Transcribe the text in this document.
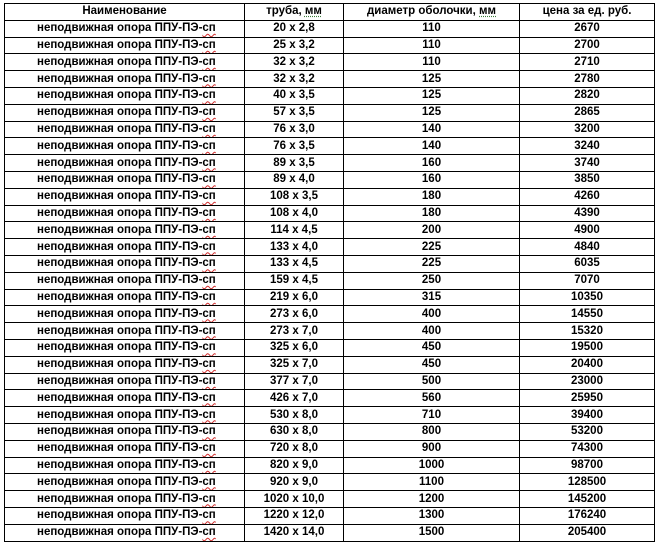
Наименование	труба, мм	диаметр оболочки, мм	цена за ед. руб.
неподвижная опора ППУ-ПЭ-сп	20 х 2,8	110	2670
неподвижная опора ППУ-ПЭ-сп	25 х 3,2	110	2700
неподвижная опора ППУ-ПЭ-сп	32 х 3,2	110	2710
неподвижная опора ППУ-ПЭ-сп	32 х 3,2	125	2780
неподвижная опора ППУ-ПЭ-сп	40 х 3,5	125	2820
неподвижная опора ППУ-ПЭ-сп	57 х 3,5	125	2865
неподвижная опора ППУ-ПЭ-сп	76 х 3,0	140	3200
неподвижная опора ППУ-ПЭ-сп	76 х 3,5	140	3240
неподвижная опора ППУ-ПЭ-сп	89 х 3,5	160	3740
неподвижная опора ППУ-ПЭ-сп	89 х 4,0	160	3850
неподвижная опора ППУ-ПЭ-сп	108 х 3,5	180	4260
неподвижная опора ППУ-ПЭ-сп	108 х 4,0	180	4390
неподвижная опора ППУ-ПЭ-сп	114 х 4,5	200	4900
неподвижная опора ППУ-ПЭ-сп	133 х 4,0	225	4840
неподвижная опора ППУ-ПЭ-сп	133 х 4,5	225	6035
неподвижная опора ППУ-ПЭ-сп	159 х 4,5	250	7070
неподвижная опора ППУ-ПЭ-сп	219 х 6,0	315	10350
неподвижная опора ППУ-ПЭ-сп	273 х 6,0	400	14550
неподвижная опора ППУ-ПЭ-сп	273 х 7,0	400	15320
неподвижная опора ППУ-ПЭ-сп	325 х 6,0	450	19500
неподвижная опора ППУ-ПЭ-сп	325 х 7,0	450	20400
неподвижная опора ППУ-ПЭ-сп	377 х 7,0	500	23000
неподвижная опора ППУ-ПЭ-сп	426 х 7,0	560	25950
неподвижная опора ППУ-ПЭ-сп	530 х 8,0	710	39400
неподвижная опора ППУ-ПЭ-сп	630 х 8,0	800	53200
неподвижная опора ППУ-ПЭ-сп	720 х 8,0	900	74300
неподвижная опора ППУ-ПЭ-сп	820 х 9,0	1000	98700
неподвижная опора ППУ-ПЭ-сп	920 х 9,0	1100	128500
неподвижная опора ППУ-ПЭ-сп	1020 х 10,0	1200	145200
неподвижная опора ППУ-ПЭ-сп	1220 х 12,0	1300	176240
неподвижная опора ППУ-ПЭ-сп	1420 х 14,0	1500	205400
